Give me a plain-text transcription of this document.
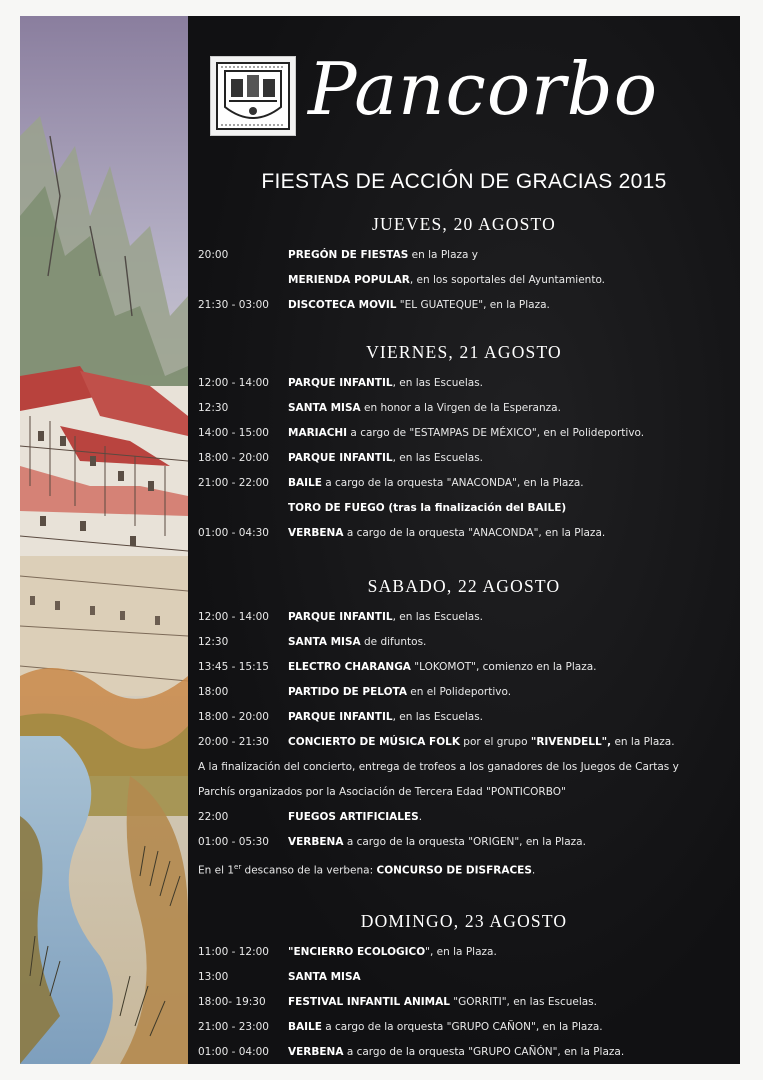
Pancorbo
FIESTAS DE ACCIÓN DE GRACIAS 2015
JUEVES, 20 AGOSTO
20:00	PREGÓN DE FIESTAS en la Plaza y
MERIENDA POPULAR, en los soportales del Ayuntamiento.
21:30 - 03:00 DISCOTECA MOVIL "EL GUATEQUE", en la Plaza.
VIERNES, 21 AGOSTO
12:00 - 14:00 PARQUE INFANTIL, en las Escuelas.
12:30	SANTA MISA en honor a la Virgen de la Esperanza.
14:00 - 15:00 MARIACHI a cargo de "ESTAMPAS DE MÉXICO", en el Polideportivo.
18:00 - 20:00 PARQUE INFANTIL, en las Escuelas.
21:00 - 22:00 BAILE a cargo de la orquesta "ANACONDA", en la Plaza.
TORO DE FUEGO (tras la finalización del BAILE)
01:00 - 04:30 VERBENA a cargo de la orquesta "ANACONDA", en la Plaza.
SABADO, 22 AGOSTO
12:00 - 14:00 PARQUE INFANTIL, en las Escuelas.
12:30	SANTA MISA de difuntos.
13:45 - 15:15 ELECTRO CHARANGA "LOKOMOT", comienzo en la Plaza.
18:00	PARTIDO DE PELOTA en el Polideportivo.
18:00 - 20:00 PARQUE INFANTIL, en las Escuelas.
20:00 - 21:30 CONCIERTO DE MÚSICA FOLK por el grupo "RIVENDELL", en la Plaza.
A la finalización del concierto, entrega de trofeos a los ganadores de los Juegos de Cartas y
Parchís organizados por la Asociación de Tercera Edad "PONTICORBO"
22:00	FUEGOS ARTIFICIALES.
01:00 - 05:30 VERBENA a cargo de la orquesta "ORIGEN", en la Plaza.
En el 1er descanso de la verbena: CONCURSO DE DISFRACES.
DOMINGO, 23 AGOSTO
11:00 - 12:00 "ENCIERRO ECOLOGICO", en la Plaza.
13:00	SANTA MISA
18:00- 19:30 FESTIVAL INFANTIL ANIMAL "GORRITI", en las Escuelas.
21:00 - 23:00 BAILE a cargo de la orquesta "GRUPO CAÑON", en la Plaza.
01:00 - 04:00 VERBENA a cargo de la orquesta "GRUPO CAÑÓN", en la Plaza.
